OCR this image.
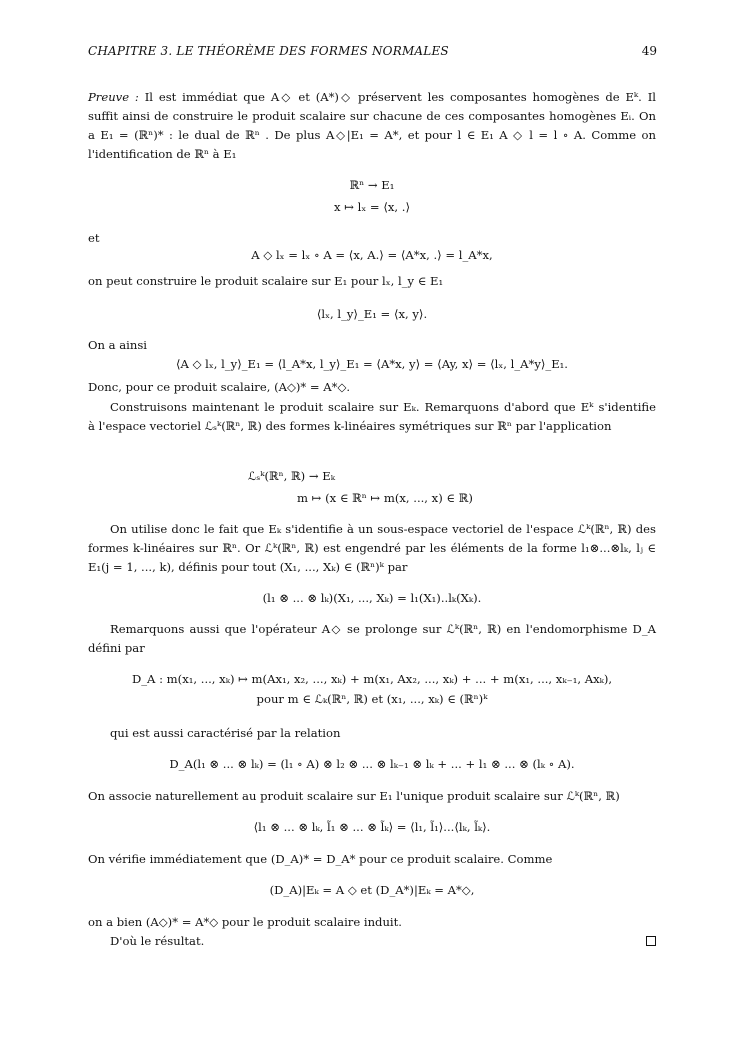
CHAPITRE 3. LE THÉORÈME DES FORMES NORMALES	49
Preuve : Il est immédiat que A◇ et (A*)◇ préservent les composantes homogènes de Eᵏ. Il
suffit ainsi de construire le produit scalaire sur chacune de ces composantes homogènes Eᵢ. On
a E₁ = (ℝⁿ)* : le dual de ℝⁿ . De plus A◇|E₁ = A*, et pour l ∈ E₁ A ◇ l = l ∘ A. Comme on
l'identification de ℝⁿ à E₁
ℝⁿ → E₁
x ↦ lₓ = ⟨x, .⟩
et
A ◇ lₓ = lₓ ∘ A = ⟨x, A.⟩ = ⟨A*x, .⟩ = l_A*x,
on peut construire le produit scalaire sur E₁ pour lₓ, l_y ∈ E₁
⟨lₓ, l_y⟩_E₁ = ⟨x, y⟩.
On a ainsi
⟨A ◇ lₓ, l_y⟩_E₁ = ⟨l_A*x, l_y⟩_E₁ = ⟨A*x, y⟩ = ⟨Ay, x⟩ = ⟨lₓ, l_A*y⟩_E₁.
Donc, pour ce produit scalaire, (A◇)* = A*◇.
Construisons maintenant le produit scalaire sur Eₖ. Remarquons d'abord que Eᵏ s'identifie
à l'espace vectoriel ℒₛᵏ(ℝⁿ, ℝ) des formes k-linéaires symétriques sur ℝⁿ par l'application
ℒₛᵏ(ℝⁿ, ℝ) → Eₖ
m ↦ (x ∈ ℝⁿ ↦ m(x, ..., x) ∈ ℝ)
On utilise donc le fait que Eₖ s'identifie à un sous-espace vectoriel de l'espace ℒᵏ(ℝⁿ, ℝ) des
formes k-linéaires sur ℝⁿ. Or ℒᵏ(ℝⁿ, ℝ) est engendré par les éléments de la forme l₁⊗...⊗lₖ, lⱼ ∈
E₁(j = 1, ..., k), définis pour tout (X₁, ..., Xₖ) ∈ (ℝⁿ)ᵏ par
(l₁ ⊗ ... ⊗ lₖ)(X₁, ..., Xₖ) = l₁(X₁)..lₖ(Xₖ).
Remarquons aussi que l'opérateur A◇ se prolonge sur ℒᵏ(ℝⁿ, ℝ) en l'endomorphisme D_A
défini par
D_A : m(x₁, ..., xₖ) ↦ m(Ax₁, x₂, ..., xₖ) + m(x₁, Ax₂, ..., xₖ) + ... + m(x₁, ..., xₖ₋₁, Axₖ),
pour m ∈ ℒₖ(ℝⁿ, ℝ) et (x₁, ..., xₖ) ∈ (ℝⁿ)ᵏ
qui est aussi caractérisé par la relation
D_A(l₁ ⊗ ... ⊗ lₖ) = (l₁ ∘ A) ⊗ l₂ ⊗ ... ⊗ lₖ₋₁ ⊗ lₖ + ... + l₁ ⊗ ... ⊗ (lₖ ∘ A).
On associe naturellement au produit scalaire sur E₁ l'unique produit scalaire sur ℒᵏ(ℝⁿ, ℝ)
⟨l₁ ⊗ ... ⊗ lₖ, l̃₁ ⊗ ... ⊗ l̃ₖ⟩ = ⟨l₁, l̃₁⟩...⟨lₖ, l̃ₖ⟩.
On vérifie immédiatement que (D_A)* = D_A* pour ce produit scalaire. Comme
(D_A)|Eₖ = A ◇ et (D_A*)|Eₖ = A*◇,
on a bien (A◇)* = A*◇ pour le produit scalaire induit.
D'où le résultat.
